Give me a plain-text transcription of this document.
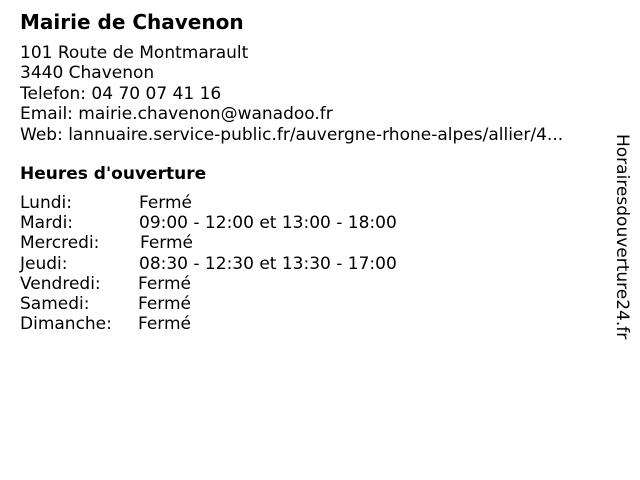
Mairie de Chavenon
101 Route de Montmarault
3440 Chavenon
Telefon: 04 70 07 41 16
Email: mairie.chavenon@wanadoo.fr
Web: lannuaire.service-public.fr/auvergne-rhone-alpes/allier/4...
Heures d'ouverture
Lundi:	Fermé
Mardi:	09:00 - 12:00 et 13:00 - 18:00
Mercredi: Fermé
Jeudi:	08:30 - 12:30 et 13:30 - 17:00
Vendredi: Fermé
Samedi:	Fermé
Dimanche: Fermé	Horairesdouverture24.fr
